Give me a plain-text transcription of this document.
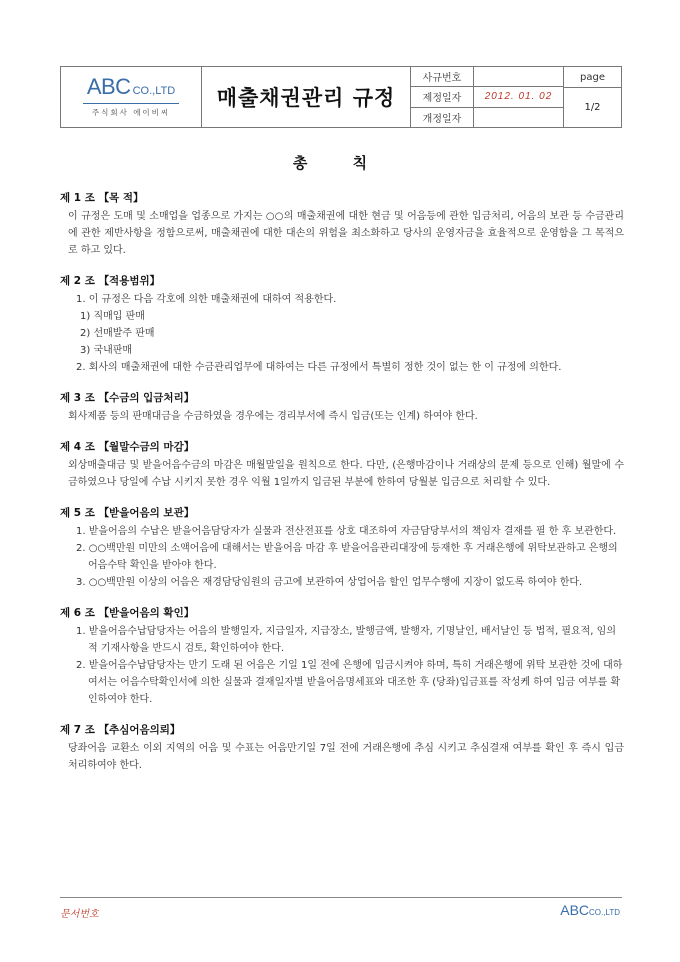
ABC CO.,LTD
주식회사 에이비씨
매출채권관리 규정
사규번호
제정일자	2012. 01. 02
개정일자
page
1/2
총 칙
제 1 조 【목 적】
이 규정은 도매 및 소매업을 업종으로 가지는 ○○의 매출채권에 대한 현금 및 어음등에 관한 입금처리, 어음의 보관 등 수금관리에 관한 제반사항을 정함으로써, 매출채권에 대한 대손의 위험을 최소화하고 당사의 운영자금을 효율적으로 운영함을 그 목적으로 하고 있다.
제 2 조 【적용범위】
1. 이 규정은 다음 각호에 의한 매출채권에 대하여 적용한다.
1) 직매입 판매
2) 선매발주 판매
3) 국내판매
2. 회사의 매출채권에 대한 수금관리업무에 대하여는 다른 규정에서 특별히 정한 것이 없는 한 이 규정에 의한다.
제 3 조 【수금의 입금처리】
회사제품 등의 판매대금을 수금하였을 경우에는 경리부서에 즉시 입금(또는 인계) 하여야 한다.
제 4 조 【월말수금의 마감】
외상매출대금 및 받을어음수금의 마감은 매월말일을 원칙으로 한다. 다만, (은행마감이나 거래상의 문제 등으로 인해) 월말에 수금하였으나 당일에 수납 시키지 못한 경우 익월 1일까지 입금된 부분에 한하여 당월분 입금으로 처리할 수 있다.
제 5 조 【받을어음의 보관】
1. 받을어음의 수납은 받을어음담당자가 실물과 전산전표를 상호 대조하여 자금담당부서의 책임자 결재를 필 한 후 보관한다.
2. ○○백만원 미만의 소액어음에 대해서는 받을어음 마감 후 받을어음관리대장에 등재한 후 거래은행에 위탁보관하고 은행의 어음수탁 확인을 받아야 한다.
3. ○○백만원 이상의 어음은 재경담당임원의 금고에 보관하여 상업어음 할인 업무수행에 지장이 없도록 하여야 한다.
제 6 조 【받을어음의 확인】
1. 받을어음수납담당자는 어음의 발행일자, 지급일자, 지급장소, 발행금액, 발행자, 기명날인, 배서날인 등 법적, 필요적, 임의적 기재사항을 반드시 검토, 확인하여야 한다.
2. 받을어음수납담당자는 만기 도래 된 어음은 기일 1일 전에 은행에 입금시켜야 하며, 특히 거래은행에 위탁 보관한 것에 대하여서는 어음수탁확인서에 의한 실물과 결재일자별 받을어음명세표와 대조한 후 (당좌)입금표를 작성케 하여 입금 여부를 확인하여야 한다.
제 7 조 【추심어음의뢰】
당좌어음 교환소 이외 지역의 어음 및 수표는 어음만기일 7일 전에 거래은행에 추심 시키고 추심결재 여부를 확인 후 즉시 입금 처리하여야 한다.
문서번호	ABCCO.,LTD
